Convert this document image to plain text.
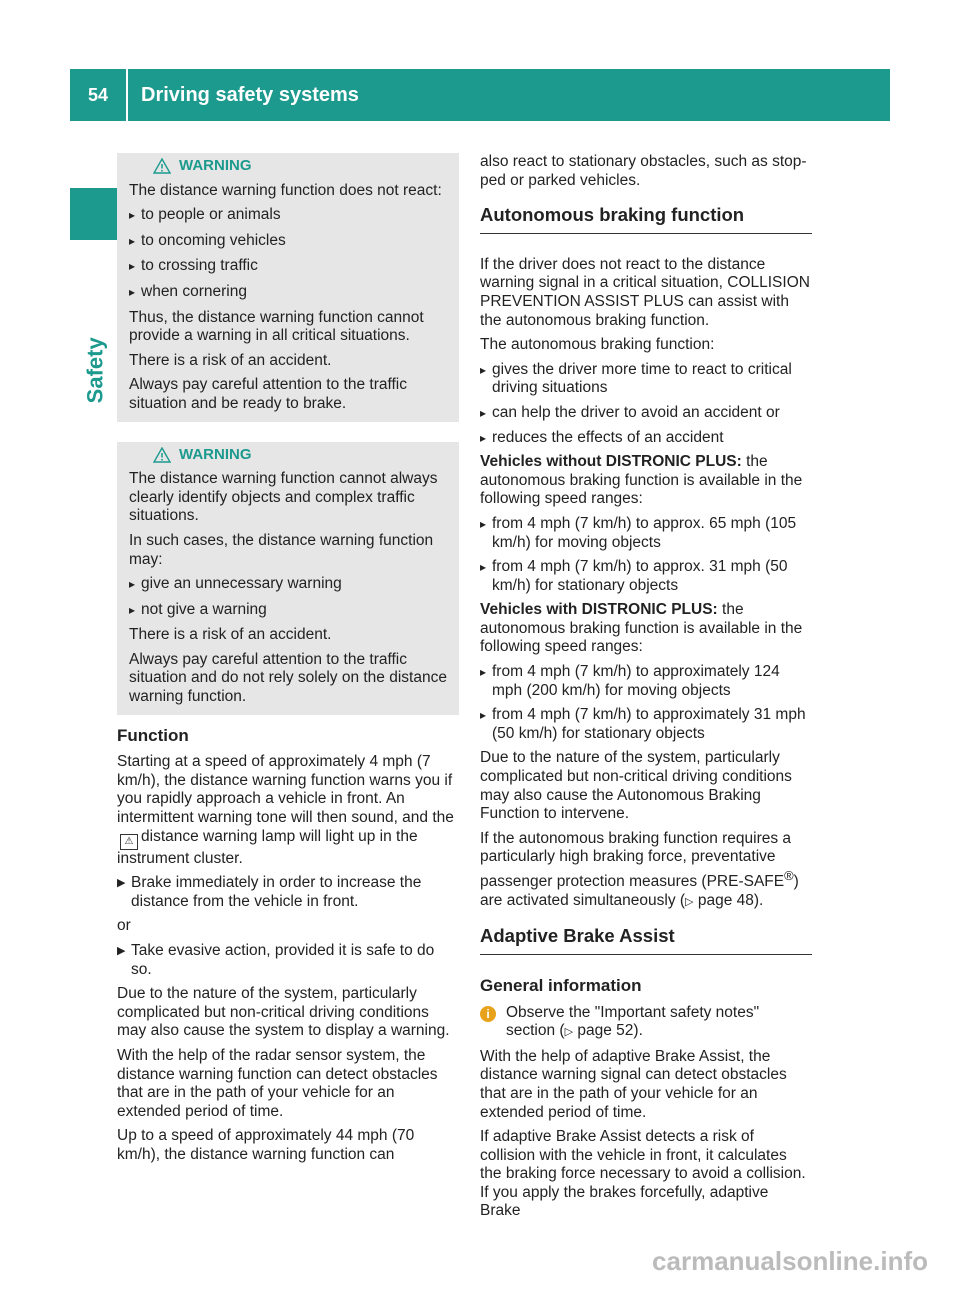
54	Driving safety systems
Safety
WARNING

The distance warning function does not react:

▸ to people or animals
▸ to oncoming vehicles
▸ to crossing traffic
▸ when cornering

Thus, the distance warning function cannot provide a warning in all critical situations.

There is a risk of an accident.

Always pay careful attention to the traffic situation and be ready to brake.

WARNING

The distance warning function cannot always clearly identify objects and complex traffic situations.

In such cases, the distance warning function may:

▸ give an unnecessary warning
▸ not give a warning

There is a risk of an accident.

Always pay careful attention to the traffic situation and do not rely solely on the distance warning function.

Function

Starting at a speed of approximately 4 mph (7 km/h), the distance warning function warns you if you rapidly approach a vehicle in front. An intermittent warning tone will then sound, and the⚠ distance warning lamp will light up in the instrument cluster.

▶ Brake immediately in order to increase the distance from the vehicle in front.

or

▶ Take evasive action, provided it is safe to do so.

Due to the nature of the system, particularly complicated but non-critical driving conditions may also cause the system to display a warning.

With the help of the radar sensor system, the distance warning function can detect obstacles that are in the path of your vehicle for an extended period of time.

Up to a speed of approximately 44 mph (70 km/h), the distance warning function can

also react to stationary obstacles, such as stop- ped or parked vehicles.

Autonomous braking function

If the driver does not react to the distance warning signal in a critical situation, COLLISION PREVENTION ASSIST PLUS can assist with the autonomous braking function.

The autonomous braking function:

▸ gives the driver more time to react to critical driving situations
▸ can help the driver to avoid an accident or
▸ reduces the effects of an accident

Vehicles without DISTRONIC PLUS: the autonomous braking function is available in the following speed ranges:

▸ from 4 mph (7 km/h) to approx. 65 mph (105 km/h) for moving objects
▸ from 4 mph (7 km/h) to approx. 31 mph (50 km/h) for stationary objects

Vehicles with DISTRONIC PLUS: the autonomous braking function is available in the following speed ranges:

▸ from 4 mph (7 km/h) to approximately 124 mph (200 km/h) for moving objects
▸ from 4 mph (7 km/h) to approximately 31 mph (50 km/h) for stationary objects

Due to the nature of the system, particularly complicated but non-critical driving conditions may also cause the Autonomous Braking Function to intervene.

If the autonomous braking function requires a particularly high braking force, preventative passenger protection measures (PRE-SAFE®) are activated simultaneously (▷ page 48).

Adaptive Brake Assist
General information
i	Observe the "Important safety notes" section (▷ page 52).

With the help of adaptive Brake Assist, the distance warning signal can detect obstacles that are in the path of your vehicle for an extended period of time.

If adaptive Brake Assist detects a risk of collision with the vehicle in front, it calculates the braking force necessary to avoid a collision. If you apply the brakes forcefully, adaptive Brake

carmanualsonline.info
